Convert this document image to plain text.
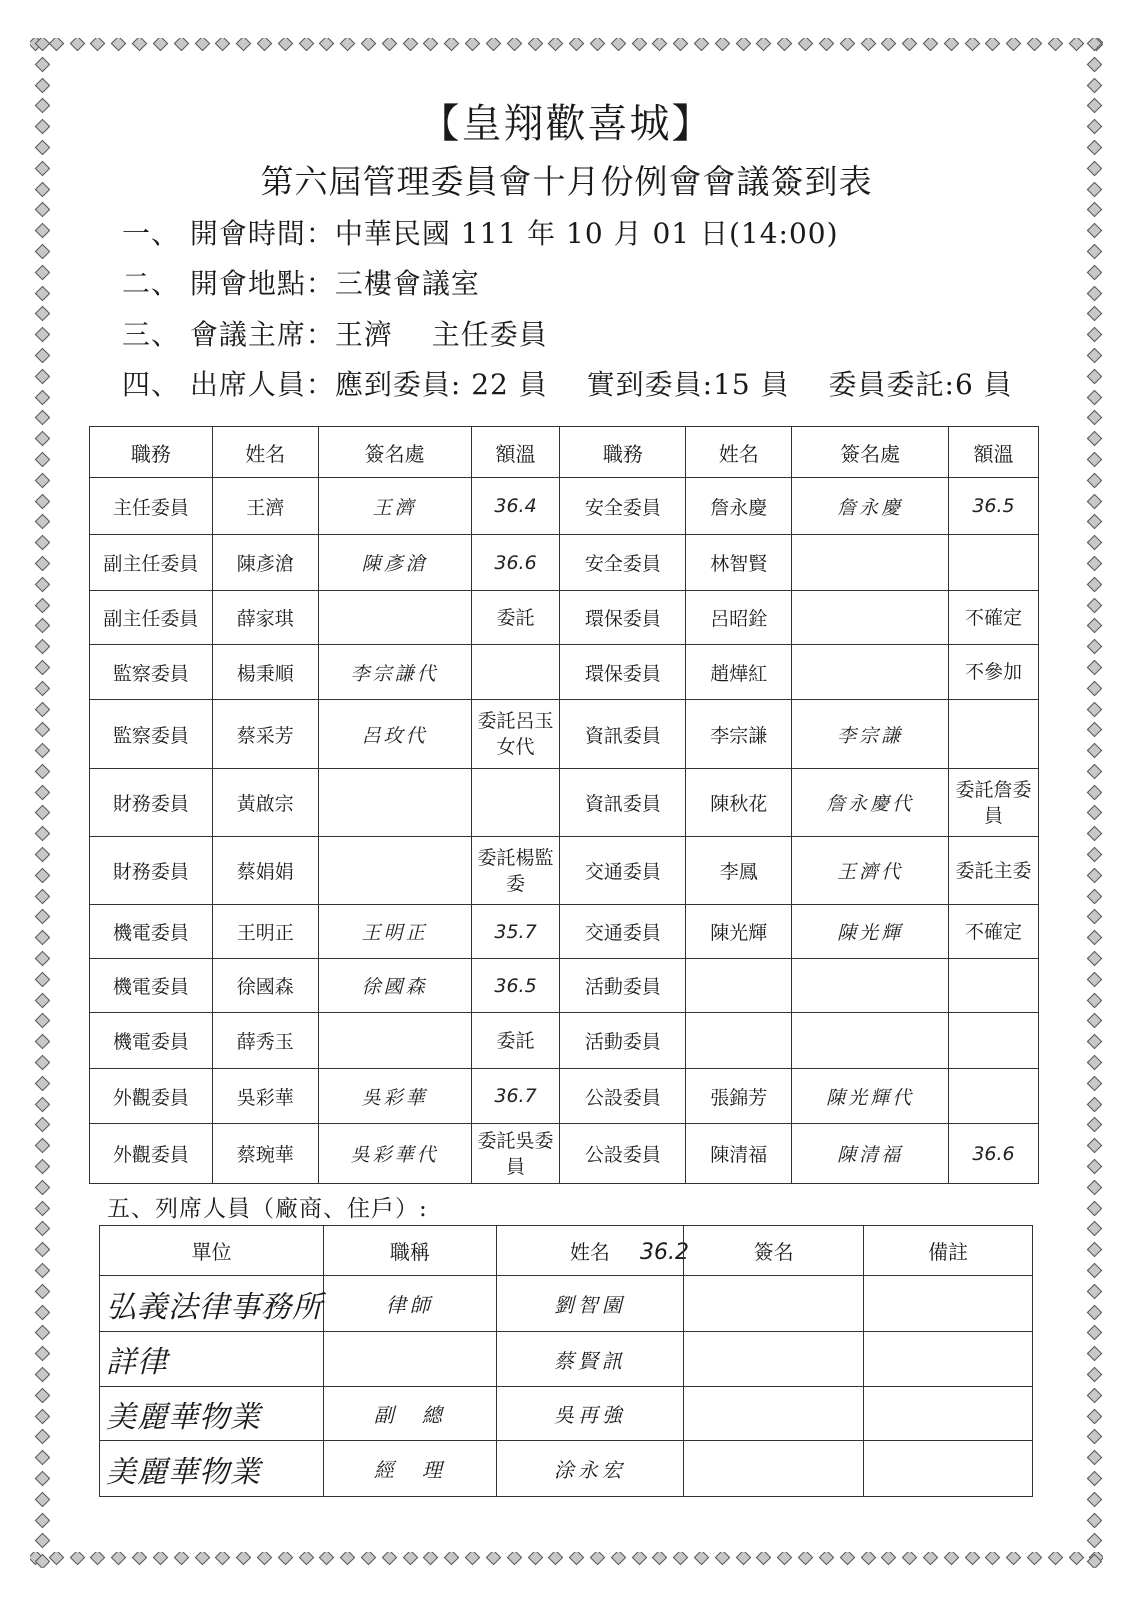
【皇翔歡喜城】
第六屆管理委員會十月份例會會議簽到表
一、 開會時間：中華民國 111 年 10 月 01 日(14:00)
二、 開會地點：三樓會議室
三、 會議主席：王濟　 主任委員
四、 出席人員：應到委員: 22 員　 實到委員:15 員　 委員委託:6 員
職務	姓名	簽名處	額溫	職務	姓名	簽名處	額溫
主任委員	王濟	王濟	36.4	安全委員	詹永慶	詹永慶	36.5
副主任委員	陳彥滄	陳彥滄	36.6	安全委員	林智賢		
副主任委員	薛家琪		委託	環保委員	呂昭銓		不確定
監察委員	楊秉順	李宗謙代		環保委員	趙燁紅		不參加
監察委員	蔡采芳	呂玫代	委託呂玉女代	資訊委員	李宗謙	李宗謙	
財務委員	黃啟宗			資訊委員	陳秋花	詹永慶代	委託詹委員
財務委員	蔡娟娟		委託楊監委	交通委員	李鳳	王濟代	委託主委
機電委員	王明正	王明正	35.7	交通委員	陳光輝	陳光輝	不確定
機電委員	徐國森	徐國森	36.5	活動委員			
機電委員	薛秀玉		委託	活動委員			
外觀委員	吳彩華	吳彩華	36.7	公設委員	張錦芳	陳光輝代	
外觀委員	蔡琬華	吳彩華代	委託吳委員	公設委員	陳清福	陳清福	36.6
五、列席人員（廠商、住戶）:
36.2
單位	職稱	姓名	簽名	備註
弘義法律事務所	律師	劉智園		
詳律		蔡賢訊		
美麗華物業	副　總	吳再強		
美麗華物業	經　理	涂永宏		
